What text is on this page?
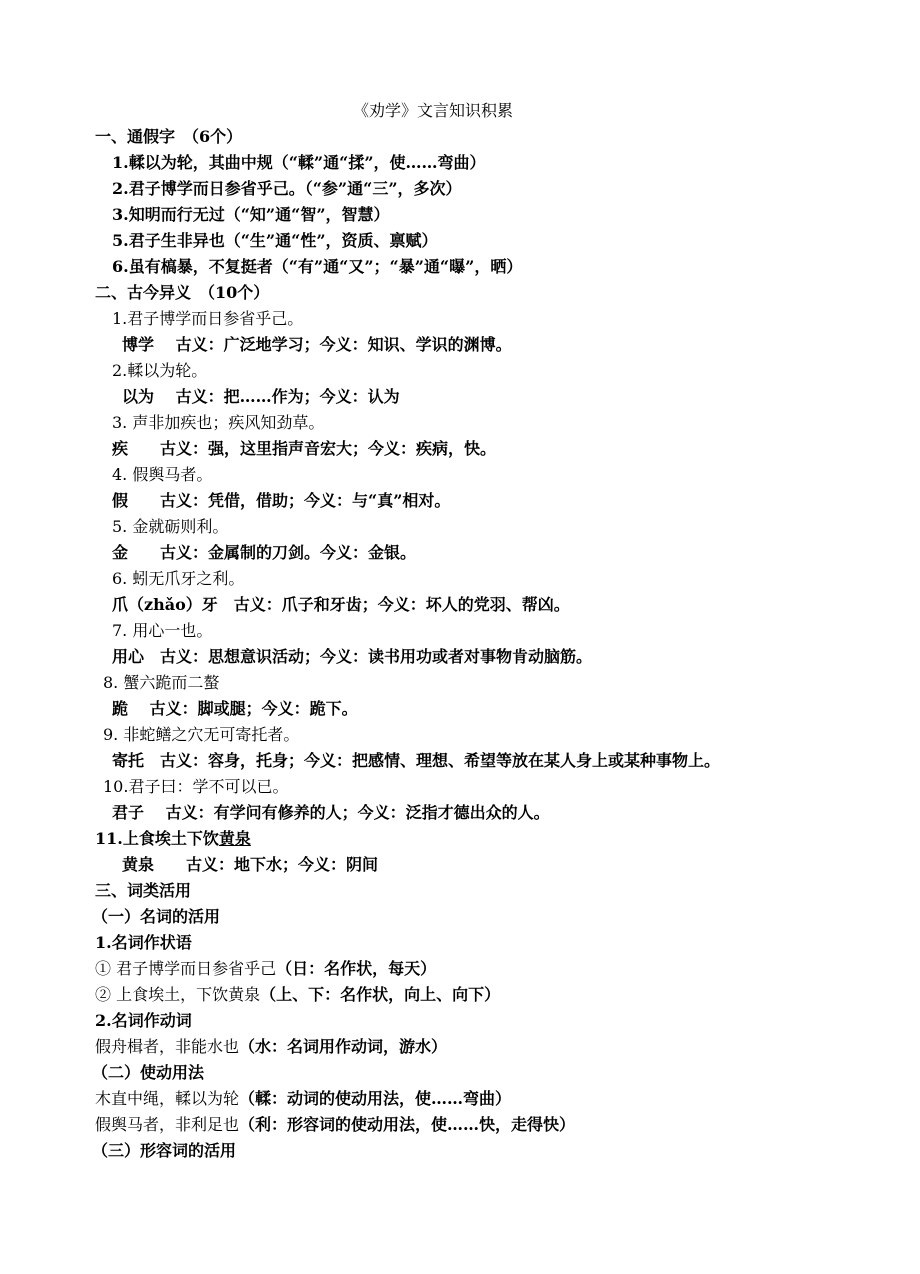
《劝学》文言知识积累
一、通假字　（6个）
1.輮以为轮，其曲中规（“輮”通“揉”，使……弯曲）
2.君子博学而日参省乎己。（“参”通“三”，多次）
3.知明而行无过（“知”通“智”，智慧）
5.君子生非异也（“生”通“性”，资质、禀赋）
6.虽有槁暴，不复挺者（“有”通“又”；“暴”通“曝”，晒）
二、古今异义　（10个）
1.君子博学而日参省乎己。
博学　 古义：广泛地学习；今义：知识、学识的渊博。
2.輮以为轮。
以为　 古义：把……作为；今义：认为
3. 声非加疾也；疾风知劲草。
疾　　古义：强，这里指声音宏大；今义：疾病，快。
4. 假舆马者。
假　　古义：凭借，借助；今义：与“真”相对。
5. 金就砺则利。
金　　古义：金属制的刀剑。今义：金银。
6. 蚓无爪牙之利。
爪（zhǎo）牙　古义：爪子和牙齿；今义：坏人的党羽、帮凶。
7. 用心一也。
用心　古义：思想意识活动；今义：读书用功或者对事物肯动脑筋。
8. 蟹六跪而二螯
跪　 古义：脚或腿；今义：跪下。
9. 非蛇鳝之穴无可寄托者。
寄托　古义：容身，托身；今义：把感情、理想、希望等放在某人身上或某种事物上。
10.君子曰：学不可以已。
君子　 古义：有学问有修养的人；今义：泛指才德出众的人。
11.上食埃土下饮黄泉
黄泉　　古义：地下水；今义：阴间
三、词类活用
（一）名词的活用
1.名词作状语
① 君子博学而日参省乎己（日：名作状，每天）
② 上食埃土，下饮黄泉（上、下：名作状，向上、向下）
2.名词作动词
假舟楫者，非能水也（水：名词用作动词，游水）
（二）使动用法
木直中绳，輮以为轮（輮：动词的使动用法，使……弯曲）
假舆马者，非利足也（利：形容词的使动用法，使……快，走得快）
（三）形容词的活用
